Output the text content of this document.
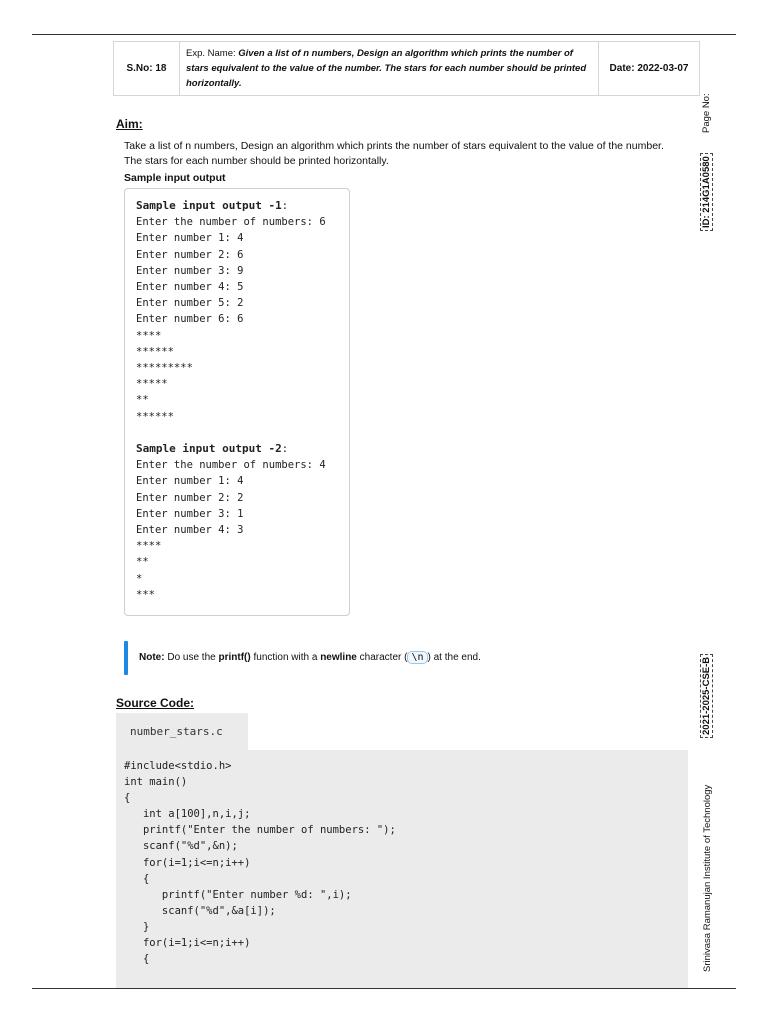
S.No: 18	Exp. Name: Given a list of n numbers, Design an algorithm which prints the number of stars equivalent to the value of the number. The stars for each number should be printed horizontally.	Date: 2022-03-07
Aim:
Take a list of n numbers, Design an algorithm which prints the number of stars equivalent to the value of the number. The stars for each number should be printed horizontally.
Sample input output
Sample input output -1:
Enter the number of numbers: 6
Enter number 1: 4
Enter number 2: 6
Enter number 3: 9
Enter number 4: 5
Enter number 5: 2
Enter number 6: 6
****
******
*********
*****
**
******

Sample input output -2:
Enter the number of numbers: 4
Enter number 1: 4
Enter number 2: 2
Enter number 3: 1
Enter number 4: 3
****
**
*
***
Note: Do use the printf() function with a newline character ( \n ) at the end.
Source Code:
number_stars.c
#include<stdio.h>
int main()
{
int a[100],n,i,j;
printf("Enter the number of numbers: ");
scanf("%d",&n);
for(i=1;i<=n;i++)
{
printf("Enter number %d: ",i);
scanf("%d",&a[i]);
}
for(i=1;i<=n;i++)
{
Page No:
ID: 214G1A0580
2021-2025-CSE-B
Srinivasa Ramanujan Institute of Technology
